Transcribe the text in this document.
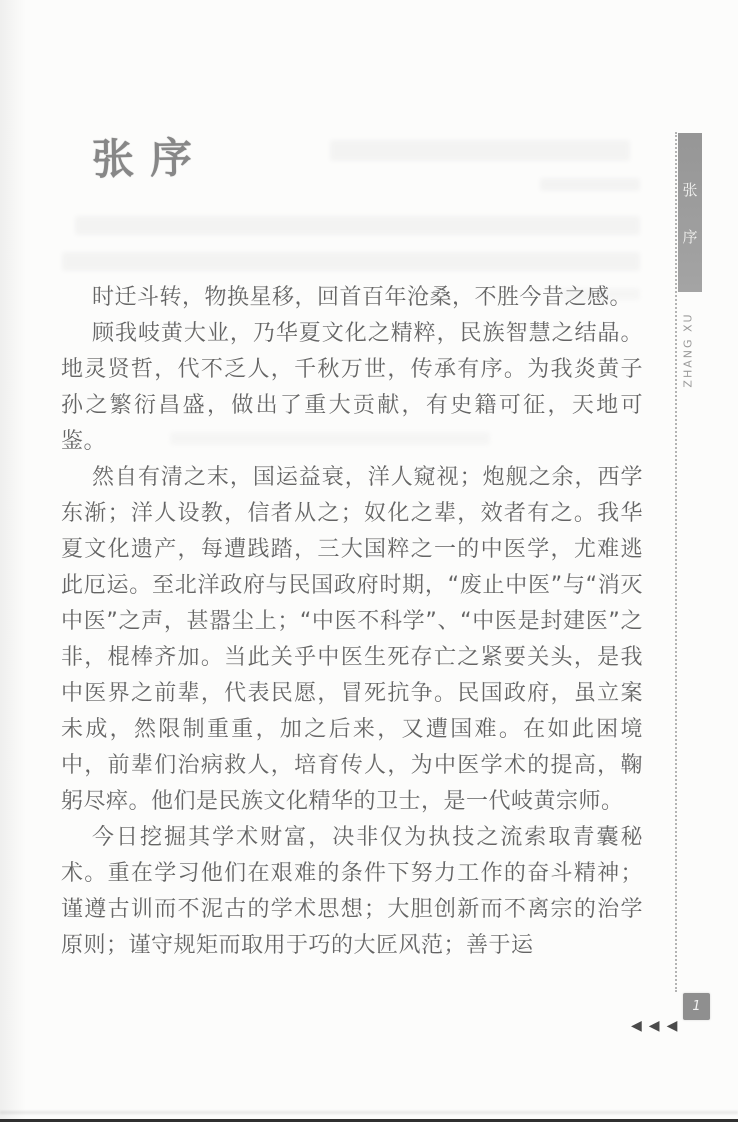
张 序

时迁斗转，物换星移，回首百年沧桑，不胜今昔之感。

顾我岐黄大业，乃华夏文化之精粹，民族智慧之结晶。地灵贤哲，代不乏人，千秋万世，传承有序。为我炎黄子孙之繁衍昌盛，做出了重大贡献，有史籍可征，天地可鉴。

然自有清之末，国运益衰，洋人窥视；炮舰之余，西学东渐；洋人设教，信者从之；奴化之辈，效者有之。我华夏文化遗产，每遭践踏，三大国粹之一的中医学，尤难逃此厄运。至北洋政府与民国政府时期，“废止中医”与“消灭中医”之声，甚嚣尘上；“中医不科学”、“中医是封建医”之非，棍棒齐加。当此关乎中医生死存亡之紧要关头，是我中医界之前辈，代表民愿，冒死抗争。民国政府，虽立案未成，然限制重重，加之后来，又遭国难。在如此困境中，前辈们治病救人，培育传人，为中医学术的提高，鞠躬尽瘁。他们是民族文化精华的卫士，是一代岐黄宗师。

今日挖掘其学术财富，决非仅为执技之流索取青囊秘术。重在学习他们在艰难的条件下努力工作的奋斗精神；谨遵古训而不泥古的学术思想；大胆创新而不离宗的治学原则；谨守规矩而取用于巧的大匠风范；善于运

张
序
ZHANG XU
1
◀ ◀ ◀
